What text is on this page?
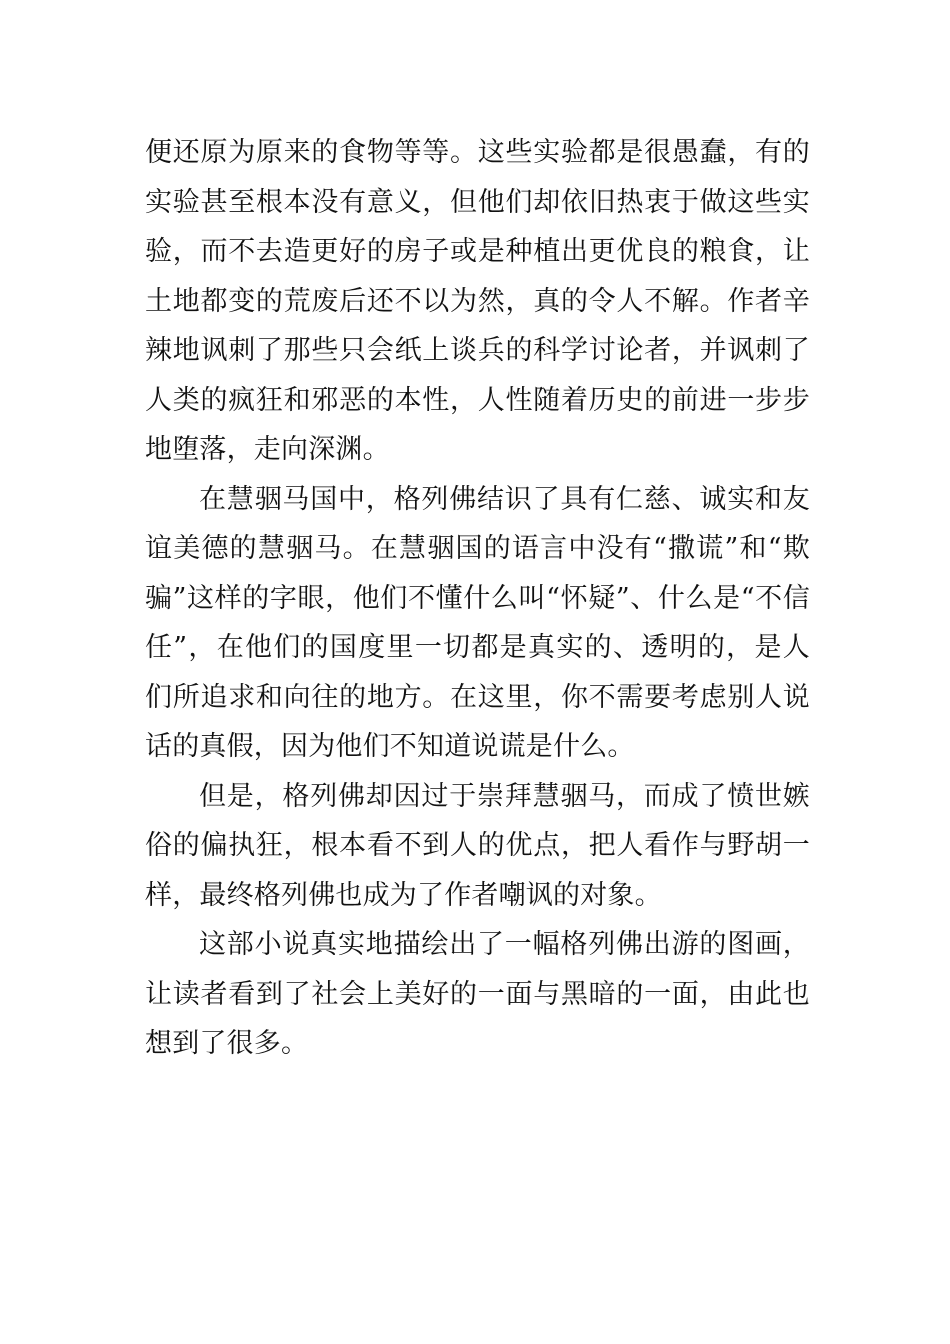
便还原为原来的食物等等。这些实验都是很愚蠢，有的实验甚至根本没有意义，但他们却依旧热衷于做这些实验，而不去造更好的房子或是种植出更优良的粮食，让土地都变的荒废后还不以为然，真的令人不解。作者辛辣地讽刺了那些只会纸上谈兵的科学讨论者，并讽刺了人类的疯狂和邪恶的本性，人性随着历史的前进一步步地堕落，走向深渊。

在慧骃马国中，格列佛结识了具有仁慈、诚实和友谊美德的慧骃马。在慧骃国的语言中没有“撒谎”和“欺骗”这样的字眼，他们不懂什么叫“怀疑”、什么是“不信任”，在他们的国度里一切都是真实的、透明的，是人们所追求和向往的地方。在这里，你不需要考虑别人说话的真假，因为他们不知道说谎是什么。

但是，格列佛却因过于崇拜慧骃马，而成了愤世嫉俗的偏执狂，根本看不到人的优点，把人看作与野胡一样，最终格列佛也成为了作者嘲讽的对象。

这部小说真实地描绘出了一幅格列佛出游的图画，让读者看到了社会上美好的一面与黑暗的一面，由此也想到了很多。
